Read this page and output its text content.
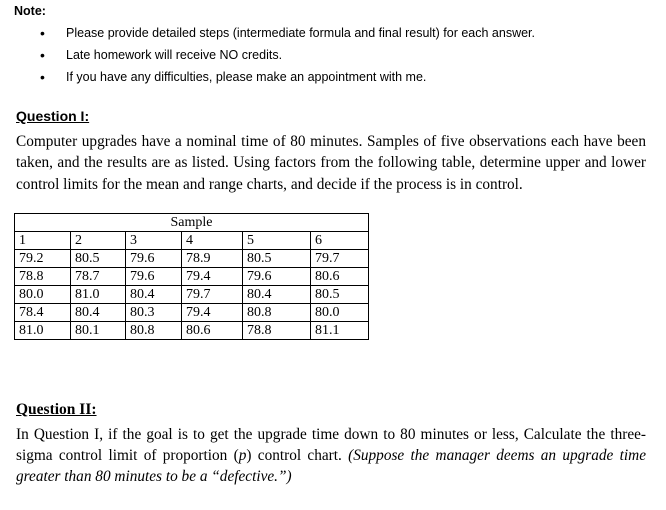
Note:
• Please provide detailed steps (intermediate formula and final result) for each answer.
• Late homework will receive NO credits.
• If you have any difficulties, please make an appointment with me.
Question I:
Computer upgrades have a nominal time of 80 minutes. Samples of five observations each have been taken, and the results are as listed. Using factors from the following table, determine upper and lower control limits for the mean and range charts, and decide if the process is in control.
Sample					
1	2	3	4	5	6
79.2	80.5	79.6	78.9	80.5	79.7
78.8	78.7	79.6	79.4	79.6	80.6
80.0	81.0	80.4	79.7	80.4	80.5
78.4	80.4	80.3	79.4	80.8	80.0
81.0	80.1	80.8	80.6	78.8	81.1
Question II:
In Question I, if the goal is to get the upgrade time down to 80 minutes or less, Calculate the three-sigma control limit of proportion (p) control chart. (Suppose the manager deems an upgrade time greater than 80 minutes to be a “defective.”)
